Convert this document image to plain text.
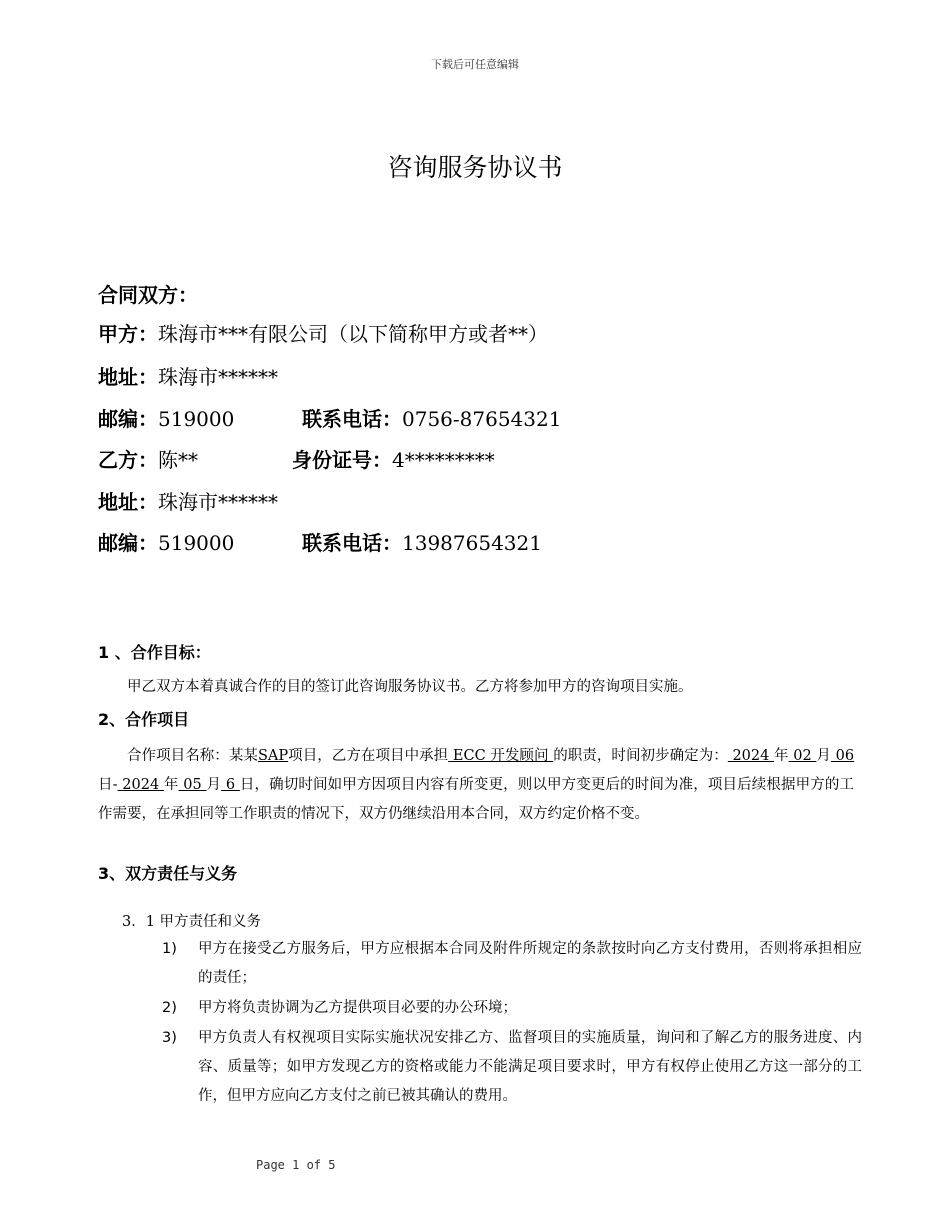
下载后可任意编辑
咨询服务协议书
合同双方：
甲方：珠海市***有限公司（以下简称甲方或者**）
地址：珠海市******
邮编：519000	联系电话：0756-87654321
乙方：陈**	身份证号：4*********
地址：珠海市******
邮编：519000	联系电话：13987654321
1 、合作目标：
甲乙双方本着真诚合作的目的签订此咨询服务协议书。乙方将参加甲方的咨询项目实施。
2、合作项目
合作项目名称：某某SAP项目，乙方在项目中承担 ECC 开发顾问 的职责，时间初步确定为： 2024 年 02 月 06 日- 2024 年 05 月 6 日，确切时间如甲方因项目内容有所变更，则以甲方变更后的时间为准，项目后续根据甲方的工作需要，在承担同等工作职责的情况下，双方仍继续沿用本合同，双方约定价格不变。
3、双方责任与义务
3．1 甲方责任和义务
1) 甲方在接受乙方服务后，甲方应根据本合同及附件所规定的条款按时向乙方支付费用，否则将承担相应的责任；
2) 甲方将负责协调为乙方提供项目必要的办公环境；
3) 甲方负责人有权视项目实际实施状况安排乙方、监督项目的实施质量，询问和了解乙方的服务进度、内容、质量等；如甲方发现乙方的资格或能力不能满足项目要求时，甲方有权停止使用乙方这一部分的工作，但甲方应向乙方支付之前已被其确认的费用。
Page 1 of 5
